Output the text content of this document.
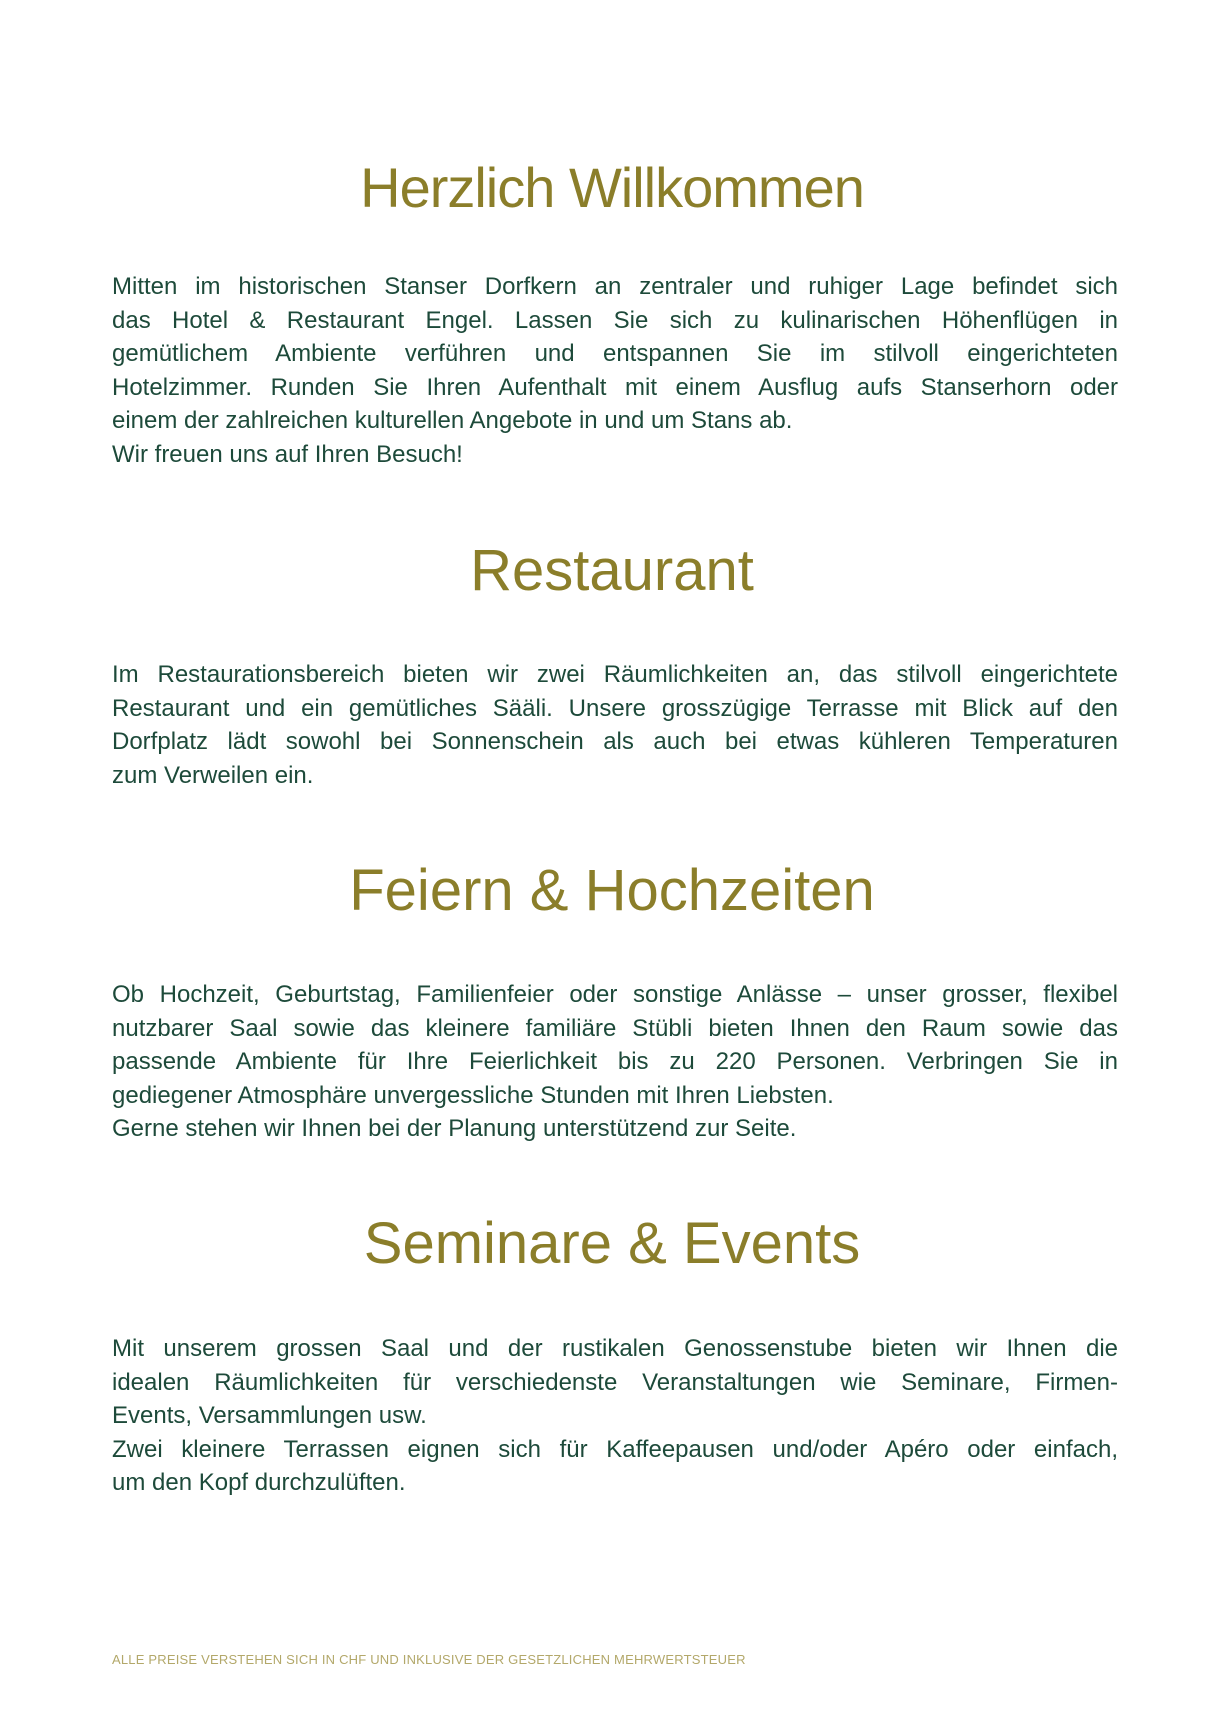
Herzlich Willkommen
Mitten im historischen Stanser Dorfkern an zentraler und ruhiger Lage befindet sich
das Hotel & Restaurant Engel. Lassen Sie sich zu kulinarischen Höhenflügen in
gemütlichem Ambiente verführen und entspannen Sie im stilvoll eingerichteten
Hotelzimmer. Runden Sie Ihren Aufenthalt mit einem Ausflug aufs Stanserhorn oder
einem der zahlreichen kulturellen Angebote in und um Stans ab.
Wir freuen uns auf Ihren Besuch!
Restaurant
Im Restaurationsbereich bieten wir zwei Räumlichkeiten an, das stilvoll eingerichtete
Restaurant und ein gemütliches Sääli. Unsere grosszügige Terrasse mit Blick auf den
Dorfplatz lädt sowohl bei Sonnenschein als auch bei etwas kühleren Temperaturen
zum Verweilen ein.
Feiern & Hochzeiten
Ob Hochzeit, Geburtstag, Familienfeier oder sonstige Anlässe – unser grosser, flexibel
nutzbarer Saal sowie das kleinere familiäre Stübli bieten Ihnen den Raum sowie das
passende Ambiente für Ihre Feierlichkeit bis zu 220 Personen. Verbringen Sie in
gediegener Atmosphäre unvergessliche Stunden mit Ihren Liebsten.
Gerne stehen wir Ihnen bei der Planung unterstützend zur Seite.
Seminare & Events
Mit unserem grossen Saal und der rustikalen Genossenstube bieten wir Ihnen die
idealen Räumlichkeiten für verschiedenste Veranstaltungen wie Seminare, Firmen-
Events, Versammlungen usw.
Zwei kleinere Terrassen eignen sich für Kaffeepausen und/oder Apéro oder einfach,
um den Kopf durchzulüften.
ALLE PREISE VERSTEHEN SICH IN CHF UND INKLUSIVE DER GESETZLICHEN MEHRWERTSTEUER
